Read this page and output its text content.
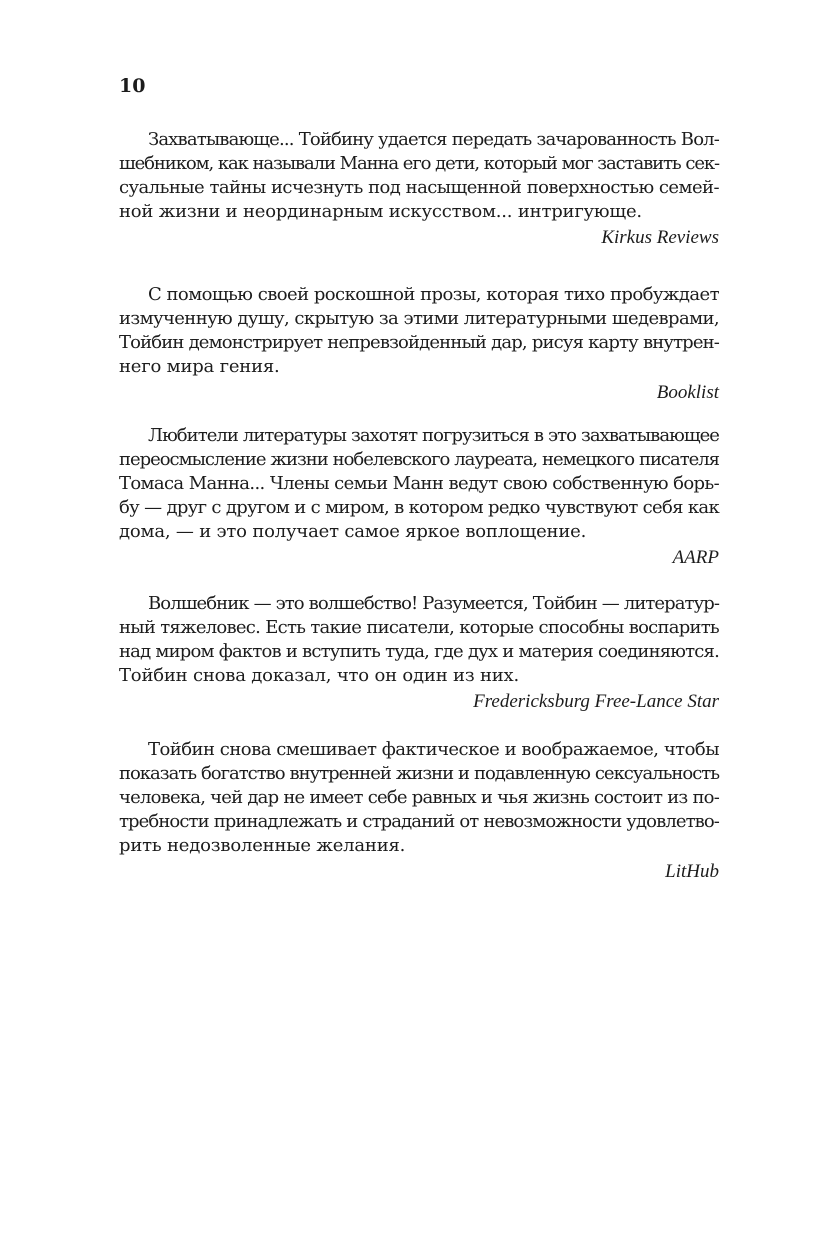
10
Захватывающе... Тойбину удается передать зачарованность Вол-
шебником, как называли Манна его дети, который мог заставить сек-
суальные тайны исчезнуть под насыщенной поверхностью семей-
ной жизни и неординарным искусством... интригующе.
Kirkus Reviews
С помощью своей роскошной прозы, которая тихо пробуждает
измученную душу, скрытую за этими литературными шедеврами,
Тойбин демонстрирует непревзойденный дар, рисуя карту внутрен-
него мира гения.
Booklist
Любители литературы захотят погрузиться в это захватывающее
переосмысление жизни нобелевского лауреата, немецкого писателя
Томаса Манна... Члены семьи Манн ведут свою собственную борь-
бу — друг с другом и с миром, в котором редко чувствуют себя как
дома, — и это получает самое яркое воплощение.
AARP
Волшебник — это волшебство! Разумеется, Тойбин — литератур-
ный тяжеловес. Есть такие писатели, которые способны воспарить
над миром фактов и вступить туда, где дух и материя соединяются.
Тойбин снова доказал, что он один из них.
Fredericksburg Free-Lance Star
Тойбин снова смешивает фактическое и воображаемое, чтобы
показать богатство внутренней жизни и подавленную сексуальность
человека, чей дар не имеет себе равных и чья жизнь состоит из по-
требности принадлежать и страданий от невозможности удовлетво-
рить недозволенные желания.
LitHub
